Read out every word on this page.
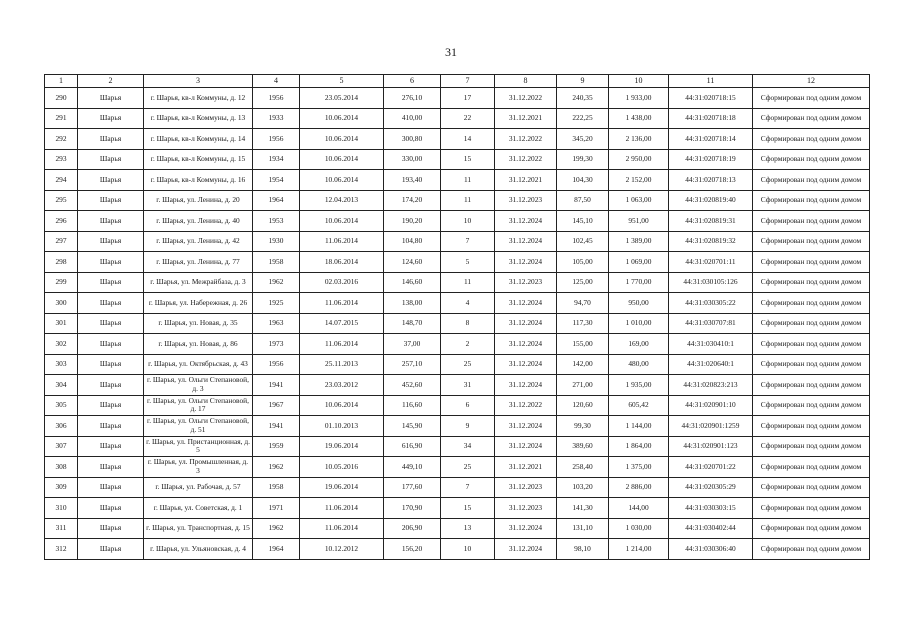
31
1	2	3	4	5	6	7	8	9	10	11	12
290	Шарья	г. Шарья, кв-л Коммуны, д. 12	1956	23.05.2014	276,10	17	31.12.2022	240,35	1 933,00	44:31:020718:15	Сформирован под одним домом
291	Шарья	г. Шарья, кв-л Коммуны, д. 13	1933	10.06.2014	410,00	22	31.12.2021	222,25	1 438,00	44:31:020718:18	Сформирован под одним домом
292	Шарья	г. Шарья, кв-л Коммуны, д. 14	1956	10.06.2014	300,80	14	31.12.2022	345,20	2 136,00	44:31:020718:14	Сформирован под одним домом
293	Шарья	г. Шарья, кв-л Коммуны, д. 15	1934	10.06.2014	330,00	15	31.12.2022	199,30	2 950,00	44:31:020718:19	Сформирован под одним домом
294	Шарья	г. Шарья, кв-л Коммуны, д. 16	1954	10.06.2014	193,40	11	31.12.2021	104,30	2 152,00	44:31:020718:13	Сформирован под одним домом
295	Шарья	г. Шарья, ул. Ленина, д. 20	1964	12.04.2013	174,20	11	31.12.2023	87,50	1 063,00	44:31:020819:40	Сформирован под одним домом
296	Шарья	г. Шарья, ул. Ленина, д. 40	1953	10.06.2014	190,20	10	31.12.2024	145,10	951,00	44:31:020819:31	Сформирован под одним домом
297	Шарья	г. Шарья, ул. Ленина, д. 42	1930	11.06.2014	104,80	7	31.12.2024	102,45	1 389,00	44:31:020819:32	Сформирован под одним домом
298	Шарья	г. Шарья, ул. Ленина, д. 77	1958	18.06.2014	124,60	5	31.12.2024	105,00	1 069,00	44:31:020701:11	Сформирован под одним домом
299	Шарья	г. Шарья, ул. Межрайбаза, д. 3	1962	02.03.2016	146,60	11	31.12.2023	125,00	1 770,00	44:31:030105:126	Сформирован под одним домом
300	Шарья	г. Шарья, ул. Набережная, д. 26	1925	11.06.2014	138,00	4	31.12.2024	94,70	950,00	44:31:030305:22	Сформирован под одним домом
301	Шарья	г. Шарья, ул. Новая, д. 35	1963	14.07.2015	148,70	8	31.12.2024	117,30	1 010,00	44:31:030707:81	Сформирован под одним домом
302	Шарья	г. Шарья, ул. Новая, д. 86	1973	11.06.2014	37,00	2	31.12.2024	155,00	169,00	44:31:030410:1	Сформирован под одним домом
303	Шарья	г. Шарья, ул. Октябрьская, д. 43	1956	25.11.2013	257,10	25	31.12.2024	142,00	480,00	44:31:020640:1	Сформирован под одним домом
304	Шарья	г. Шарья, ул. Ольги Степановой, д. 3	1941	23.03.2012	452,60	31	31.12.2024	271,00	1 935,00	44:31:020823:213	Сформирован под одним домом
305	Шарья	г. Шарья, ул. Ольги Степановой, д. 17	1967	10.06.2014	116,60	6	31.12.2022	120,60	605,42	44:31:020901:10	Сформирован под одним домом
306	Шарья	г. Шарья, ул. Ольги Степановой, д. 51	1941	01.10.2013	145,90	9	31.12.2024	99,30	1 144,00	44:31:020901:1259	Сформирован под одним домом
307	Шарья	г. Шарья, ул. Пристанционная, д. 5	1959	19.06.2014	616,90	34	31.12.2024	389,60	1 864,00	44:31:020901:123	Сформирован под одним домом
308	Шарья	г. Шарья, ул. Промышленная, д. 3	1962	10.05.2016	449,10	25	31.12.2021	258,40	1 375,00	44:31:020701:22	Сформирован под одним домом
309	Шарья	г. Шарья, ул. Рабочая, д. 57	1958	19.06.2014	177,60	7	31.12.2023	103,20	2 886,00	44:31:020305:29	Сформирован под одним домом
310	Шарья	г. Шарья, ул. Советская, д. 1	1971	11.06.2014	170,90	15	31.12.2023	141,30	144,00	44:31:030303:15	Сформирован под одним домом
311	Шарья	г. Шарья, ул. Транспортная, д. 15	1962	11.06.2014	206,90	13	31.12.2024	131,10	1 030,00	44:31:030402:44	Сформирован под одним домом
312	Шарья	г. Шарья, ул. Ульяновская, д. 4	1964	10.12.2012	156,20	10	31.12.2024	98,10	1 214,00	44:31:030306:40	Сформирован под одним домом
